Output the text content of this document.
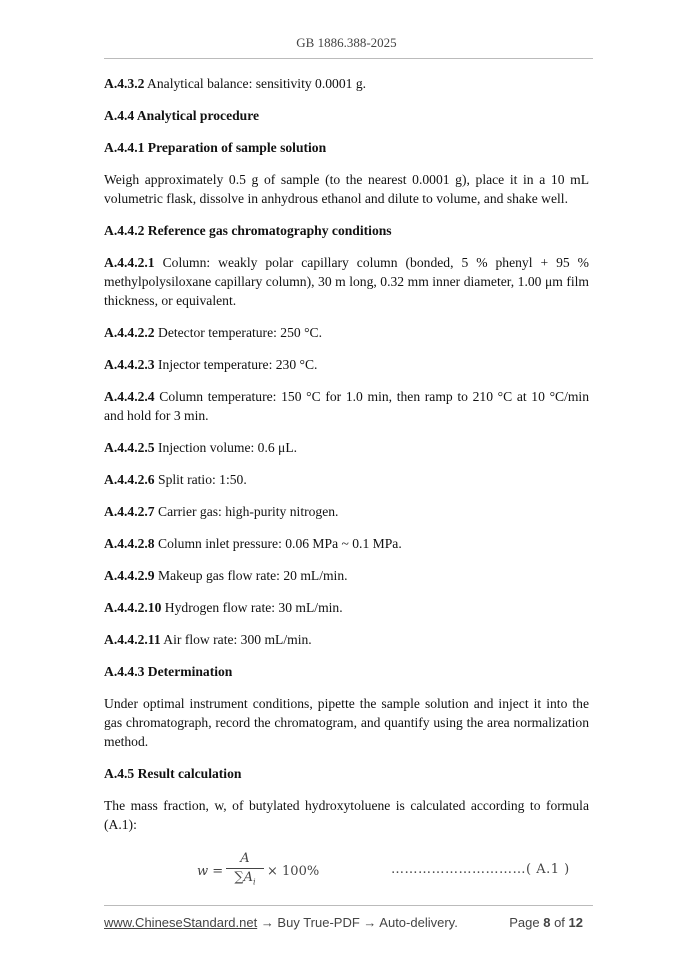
GB 1886.388-2025

A.4.3.2 Analytical balance: sensitivity 0.0001 g.

A.4.4 Analytical procedure

A.4.4.1 Preparation of sample solution

Weigh approximately 0.5 g of sample (to the nearest 0.0001 g), place it in a 10 mL volumetric flask, dissolve in anhydrous ethanol and dilute to volume, and shake well.

A.4.4.2 Reference gas chromatography conditions

A.4.4.2.1 Column: weakly polar capillary column (bonded, 5 % phenyl + 95 % methylpolysiloxane capillary column), 30 m long, 0.32 mm inner diameter, 1.00 μm film thickness, or equivalent.

A.4.4.2.2 Detector temperature: 250 °C.

A.4.4.2.3 Injector temperature: 230 °C.

A.4.4.2.4 Column temperature: 150 °C for 1.0 min, then ramp to 210 °C at 10 °C/min and hold for 3 min.

A.4.4.2.5 Injection volume: 0.6 μL.

A.4.4.2.6 Split ratio: 1:50.

A.4.4.2.7 Carrier gas: high-purity nitrogen.

A.4.4.2.8 Column inlet pressure: 0.06 MPa ~ 0.1 MPa.

A.4.4.2.9 Makeup gas flow rate: 20 mL/min.

A.4.4.2.10 Hydrogen flow rate: 30 mL/min.

A.4.4.2.11 Air flow rate: 300 mL/min.

A.4.4.3 Determination

Under optimal instrument conditions, pipette the sample solution and inject it into the gas chromatograph, record the chromatogram, and quantify using the area normalization method.

A.4.5 Result calculation

The mass fraction, w, of butylated hydroxytoluene is calculated according to formula (A.1):

$w = \frac{A}{\sum A_i} \times 100\%$	…………………………( A.1 )
www.ChineseStandard.net → Buy True-PDF → Auto-delivery.	Page 8 of 12
